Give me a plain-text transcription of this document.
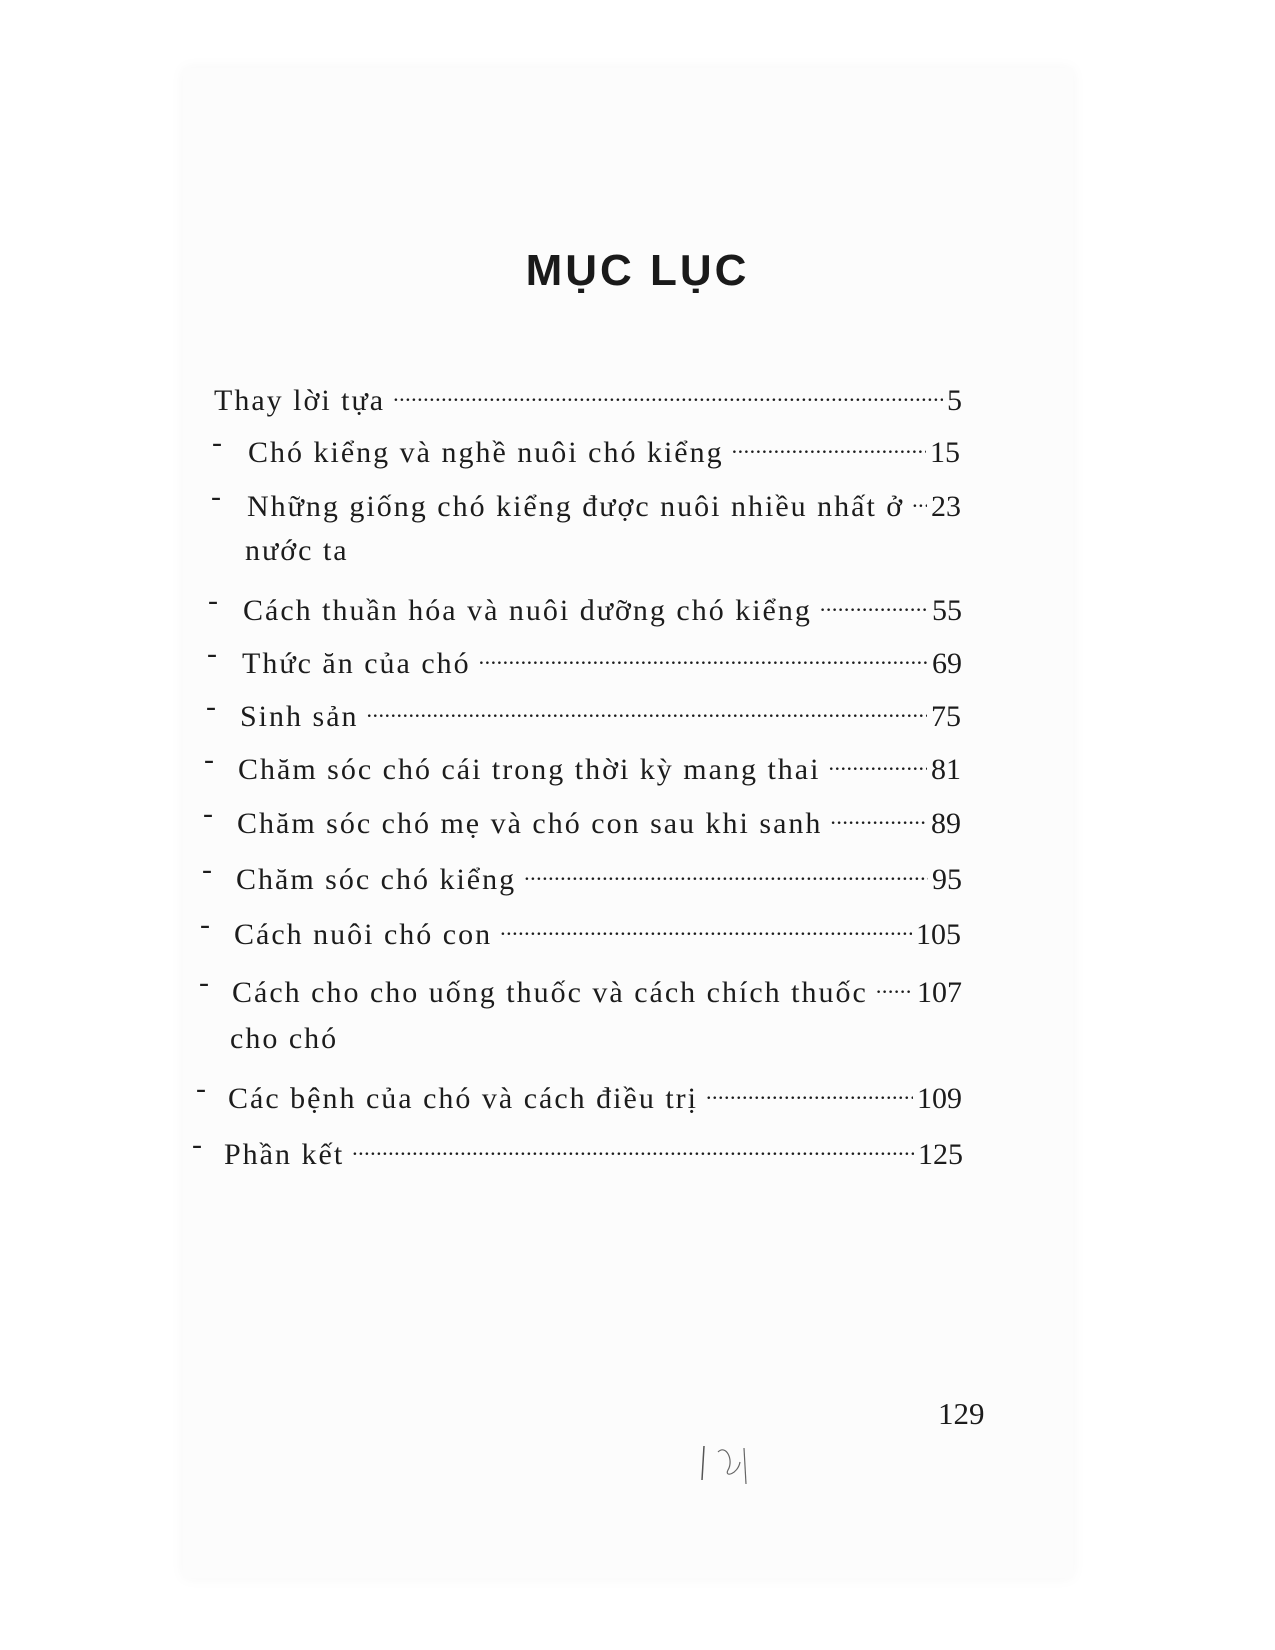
MỤC LỤC
Thay lời tựa .....	5
- Chó kiểng và nghề nuôi chó kiểng .....	15
- Những giống chó kiểng được nuôi nhiều nhất ở ..... 23
nước ta
- Cách thuần hóa và nuôi dưỡng chó kiểng .....	55
- Thức ăn của chó .....	69
- Sinh sản .....	75
- Chăm sóc chó cái trong thời kỳ mang thai .....	81
- Chăm sóc chó mẹ và chó con sau khi sanh .....	89
- Chăm sóc chó kiểng .....	95
- Cách nuôi chó con .....	105
- Cách cho cho uống thuốc và cách chích thuốc ..... 107
cho chó
- Các bệnh của chó và cách điều trị .....	109
- Phần kết .....	125
129
